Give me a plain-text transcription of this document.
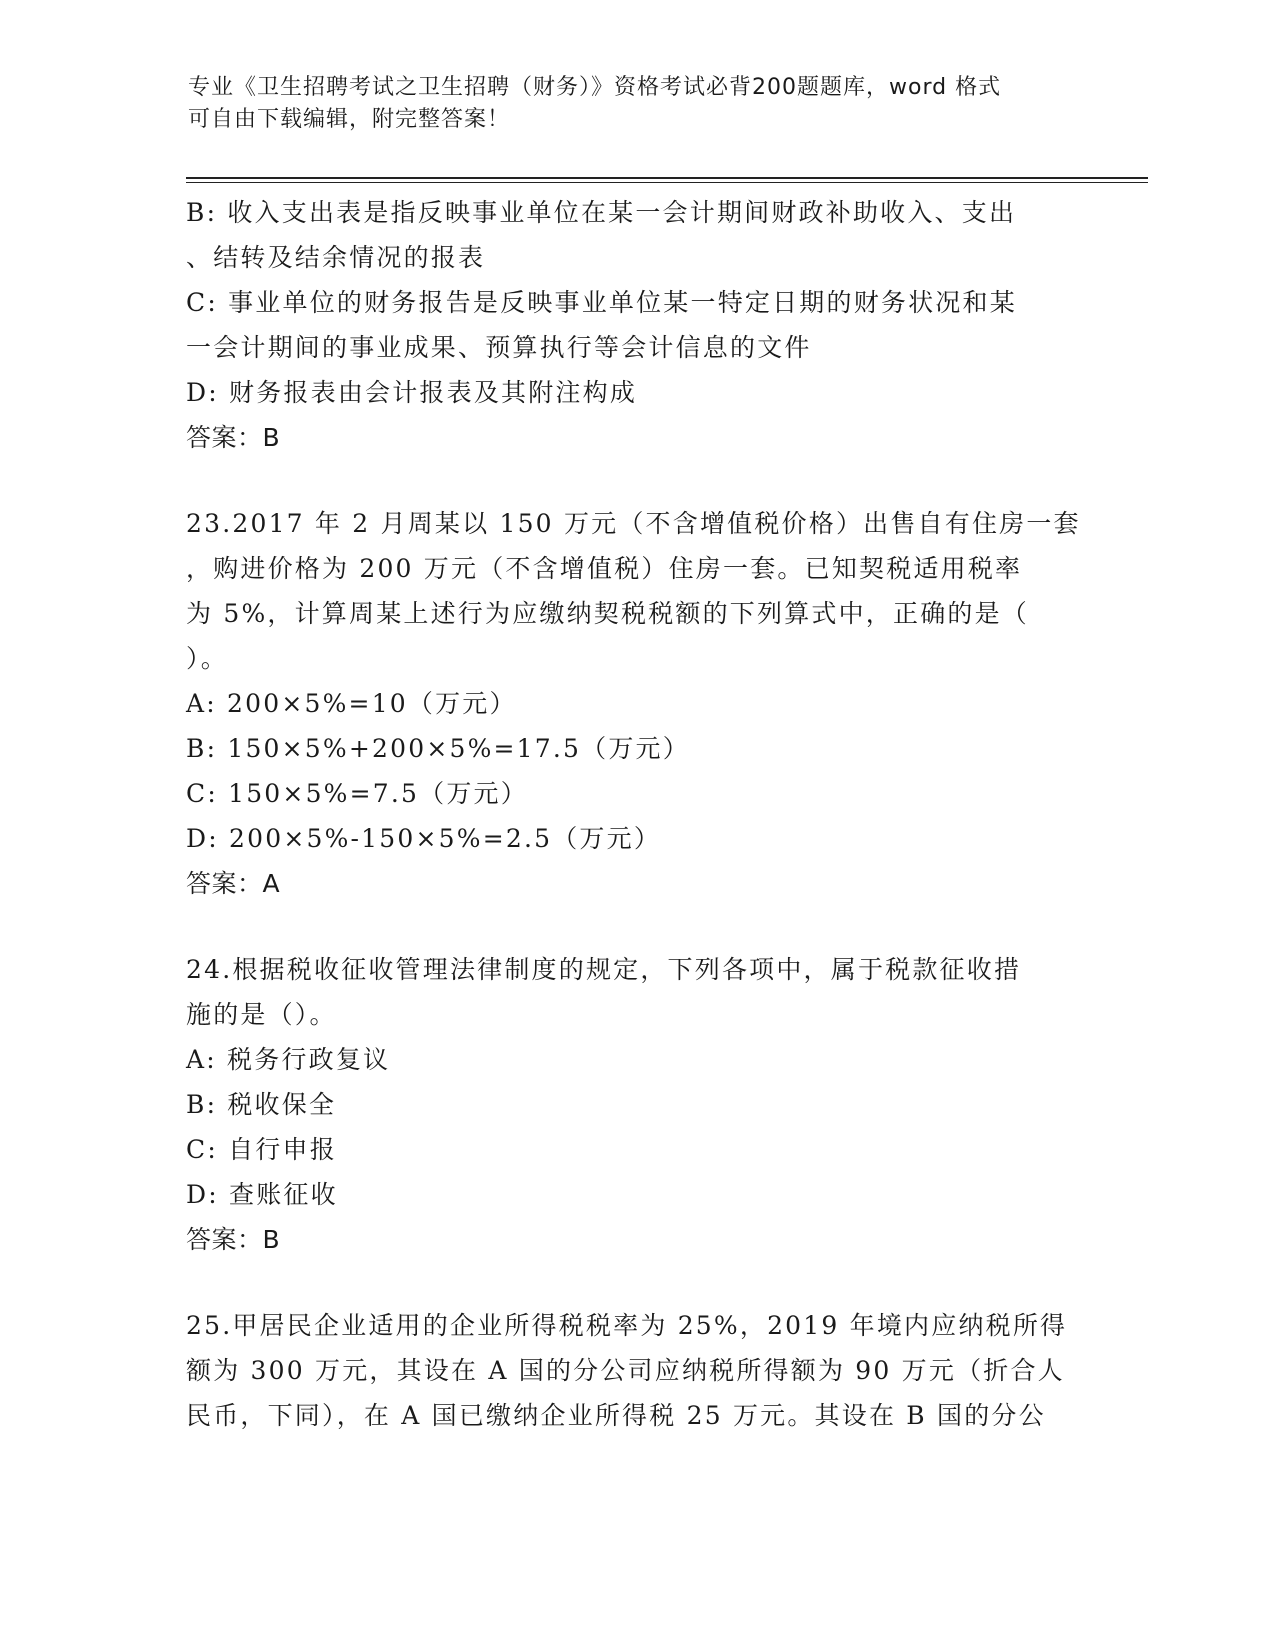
专业《卫生招聘考试之卫生招聘（财务）》资格考试必背200题题库，word 格式
可自由下载编辑，附完整答案！
B: 收入支出表是指反映事业单位在某一会计期间财政补助收入、支出
、结转及结余情况的报表
C: 事业单位的财务报告是反映事业单位某一特定日期的财务状况和某
一会计期间的事业成果、预算执行等会计信息的文件
D: 财务报表由会计报表及其附注构成
答案：B
23.2017 年 2 月周某以 150 万元（不含增值税价格）出售自有住房一套
，购进价格为 200 万元（不含增值税）住房一套。已知契税适用税率
为 5%，计算周某上述行为应缴纳契税税额的下列算式中，正确的是（
）。
A: 200×5%=10（万元）
B: 150×5%+200×5%=17.5（万元）
C: 150×5%=7.5（万元）
D: 200×5%-150×5%=2.5（万元）
答案：A
24.根据税收征收管理法律制度的规定，下列各项中，属于税款征收措
施的是（）。
A: 税务行政复议
B: 税收保全
C: 自行申报
D: 查账征收
答案：B
25.甲居民企业适用的企业所得税税率为 25%，2019 年境内应纳税所得
额为 300 万元，其设在 A 国的分公司应纳税所得额为 90 万元（折合人
民币，下同），在 A 国已缴纳企业所得税 25 万元。其设在 B 国的分公
